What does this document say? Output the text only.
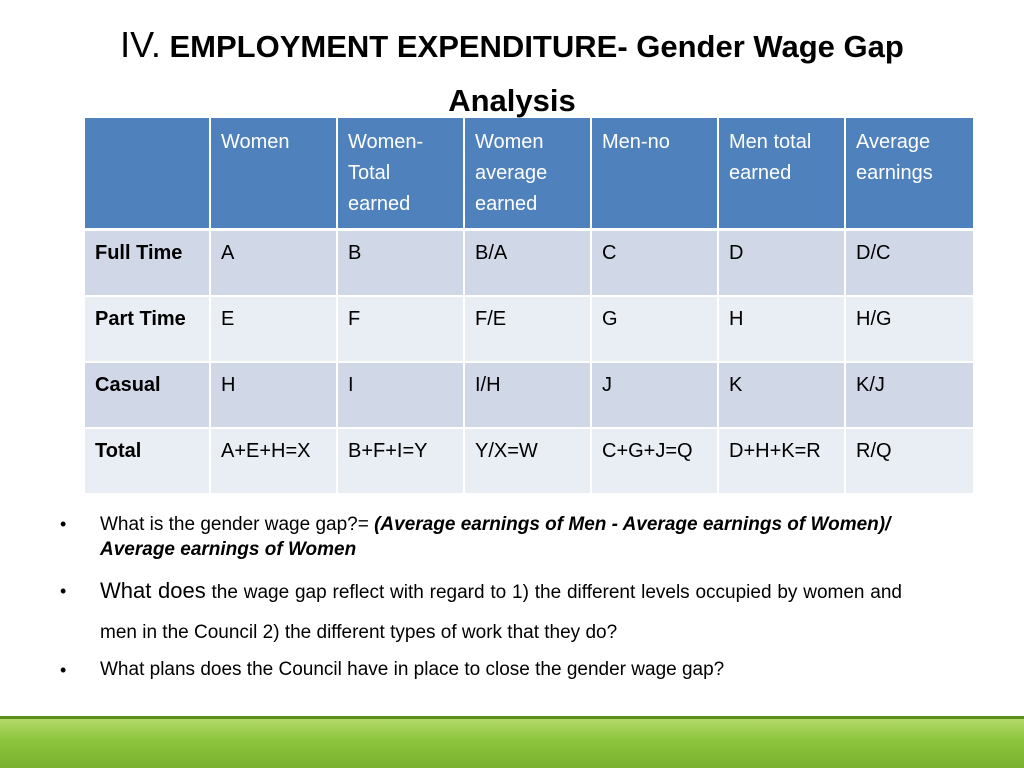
IV. EMPLOYMENT EXPENDITURE- Gender Wage Gap
Analysis
	Women	Women-Total earned	Women average earned	Men-no	Men total earned	Average earnings
Full Time	A	B	B/A	C	D	D/C
Part Time	E	F	F/E	G	H	H/G
Casual	H	I	I/H	J	K	K/J
Total	A+E+H=X	B+F+I=Y	Y/X=W	C+G+J=Q	D+H+K=R	R/Q
• What is the gender wage gap?= (Average earnings of Men - Average earnings of Women)/ Average earnings of Women
• What does the wage gap reflect with regard to 1) the different levels occupied by women and men in the Council 2) the different types of work that they do?
• What plans does the Council have in place to close the gender wage gap?
